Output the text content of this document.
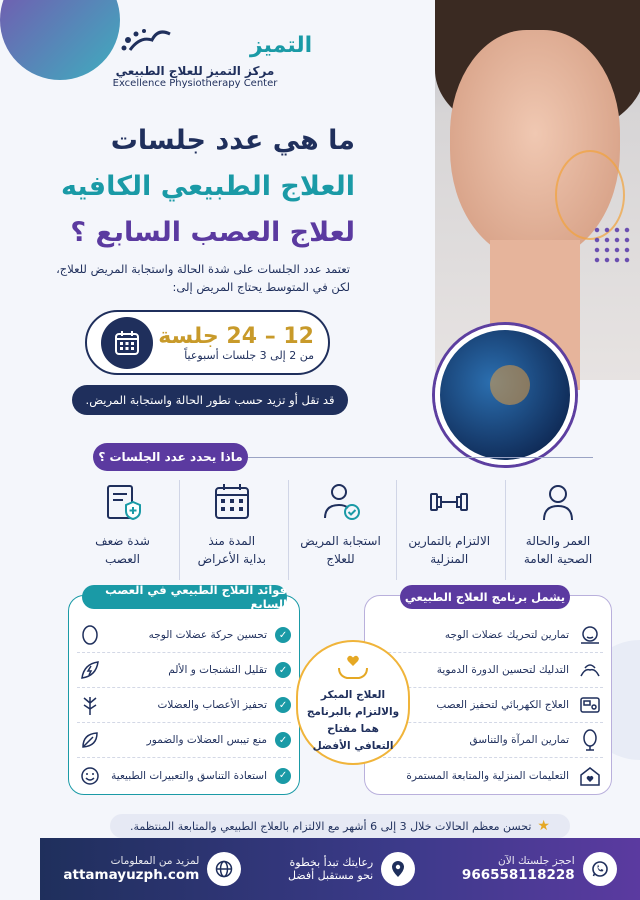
التميز
مركز التميز للعلاج الطبيعي
Excellence Physiotherapy Center
ما هي عدد جلسات
العلاج الطبيعي الكافيه
لعلاج العصب السابع ؟
تعتمد عدد الجلسات على شدة الحالة واستجابة المريض للعلاج،
لكن في المتوسط يحتاج المريض إلى:
12 – 24 جلسة
من 2 إلى 3 جلسات أسبوعياً
قد تقل أو تزيد حسب تطور الحالة واستجابة المريض.
ماذا يحدد عدد الجلسات ؟
العمر والحالة
الصحية العامة
الالتزام بالتمارين
المنزلية
استجابة المريض
للعلاج
المدة منذ
بداية الأعراض
شدة ضعف
العصب
يشمل برنامج العلاج الطبيعي
تمارين لتحريك عضلات الوجه
التدليك لتحسين الدورة الدموية
العلاج الكهربائي لتحفيز العصب
تمارين المرآة والتناسق
التعليمات المنزلية والمتابعة المستمرة
فوائد العلاج الطبيعي في العصب السابع
✓
تحسين حركة عضلات الوجه
✓
تقليل التشنجات و الألم
✓
تحفيز الأعصاب والعضلات
✓
منع تيبس العضلات والضمور
✓
استعادة التناسق والتعبيرات الطبيعية
العلاج المبكر
والالتزام بالبرنامج
هما مفتاح
التعافي الأفضل
★
تحسن معظم الحالات خلال 3 إلى 6 أشهر مع الالتزام بالعلاج الطبيعي والمتابعة المنتظمة.
احجز جلستك الآن
966558118228
رعايتك تبدأ بخطوة
نحو مستقبل أفضل
لمزيد من المعلومات
attamayuzph.com
